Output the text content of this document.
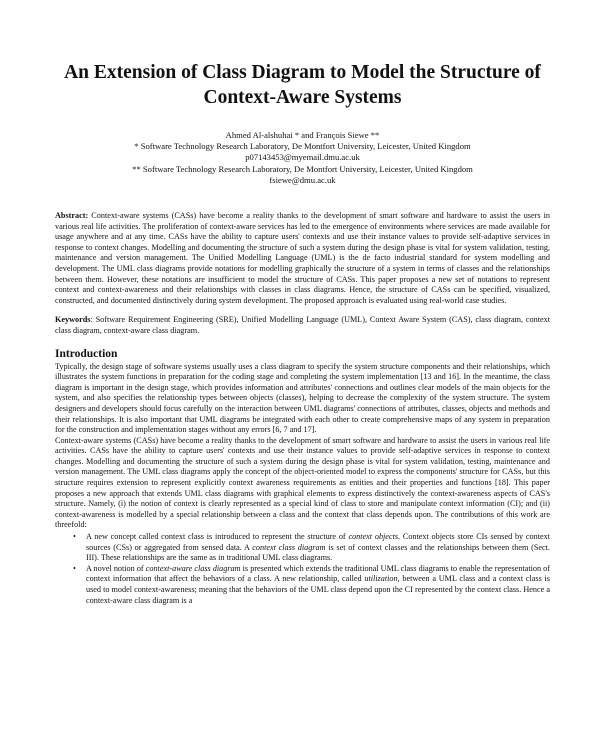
An Extension of Class Diagram to Model the Structure of Context-Aware Systems
Ahmed Al-alshuhai * and François Siewe **
* Software Technology Research Laboratory, De Montfort University, Leicester, United Kingdom
p07143453@myemail.dmu.ac.uk
** Software Technology Research Laboratory, De Montfort University, Leicester, United Kingdom
fsiewe@dmu.ac.uk

Abstract: Context-aware systems (CASs) have become a reality thanks to the development of smart software and hardware to assist the users in various real life activities. The proliferation of context-aware services has led to the emergence of environments where services are made available for usage anywhere and at any time. CASs have the ability to capture users' contexts and use their instance values to provide self-adaptive services in response to context changes. Modelling and documenting the structure of such a system during the design phase is vital for system validation, testing, maintenance and version management. The Unified Modelling Language (UML) is the de facto industrial standard for system modelling and development. The UML class diagrams provide notations for modelling graphically the structure of a system in terms of classes and the relationships between them. However, these notations are insufficient to model the structure of CASs. This paper proposes a new set of notations to represent context and context-awareness and their relationships with classes in class diagrams. Hence, the structure of CASs can be specified, visualized, constructed, and documented distinctively during system development. The proposed approach is evaluated using real-world case studies.

Keywords: Software Requirement Engineering (SRE), Unified Modelling Language (UML), Context Aware System (CAS), class diagram, context class diagram, context-aware class diagram.

Introduction

Typically, the design stage of software systems usually uses a class diagram to specify the system structure components and their relationships, which illustrates the system functions in preparation for the coding stage and completing the system implementation [13 and 16]. In the meantime, the class diagram is important in the design stage, which provides information and attributes' connections and outlines clear models of the main objects for the system, and also specifies the relationship types between objects (classes), helping to decrease the complexity of the system structure. The system designers and developers should focus carefully on the interaction between UML diagrams' connections of attributes, classes, objects and methods and their relationships. It is also important that UML diagrams be integrated with each other to create comprehensive maps of any system in preparation for the construction and implementation stages without any errors [6, 7 and 17].

Context-aware systems (CASs) have become a reality thanks to the development of smart software and hardware to assist the users in various real life activities. CASs have the ability to capture users' contexts and use their instance values to provide self-adaptive services in response to context changes. Modelling and documenting the structure of such a system during the design phase is vital for system validation, testing, maintenance and version management. The UML class diagrams apply the concept of the object-oriented model to express the components' structure for CASs, but this structure requires extension to represent explicitly context awareness requirements as entities and their properties and functions [18]. This paper proposes a new approach that extends UML class diagrams with graphical elements to express distinctively the context-awareness aspects of CAS's structure. Namely, (i) the notion of context is clearly represented as a special kind of class to store and manipulate context information (CI); and (ii) context-awareness is modelled by a special relationship between a class and the context that class depends upon. The contributions of this work are threefold:

• A new concept called context class is introduced to represent the structure of context objects. Context objects store CIs sensed by context sources (CSs) or aggregated from sensed data. A context class diagram is set of context classes and the relationships between them (Sect. III). These relationships are the same as in traditional UML class diagrams.
• A novel notion of context-aware class diagram is presented which extends the traditional UML class diagrams to enable the representation of context information that affect the behaviors of a class. A new relationship, called utilization, between a UML class and a context class is used to model context-awareness; meaning that the behaviors of the UML class depend upon the CI represented by the context class. Hence a context-aware class diagram is a
